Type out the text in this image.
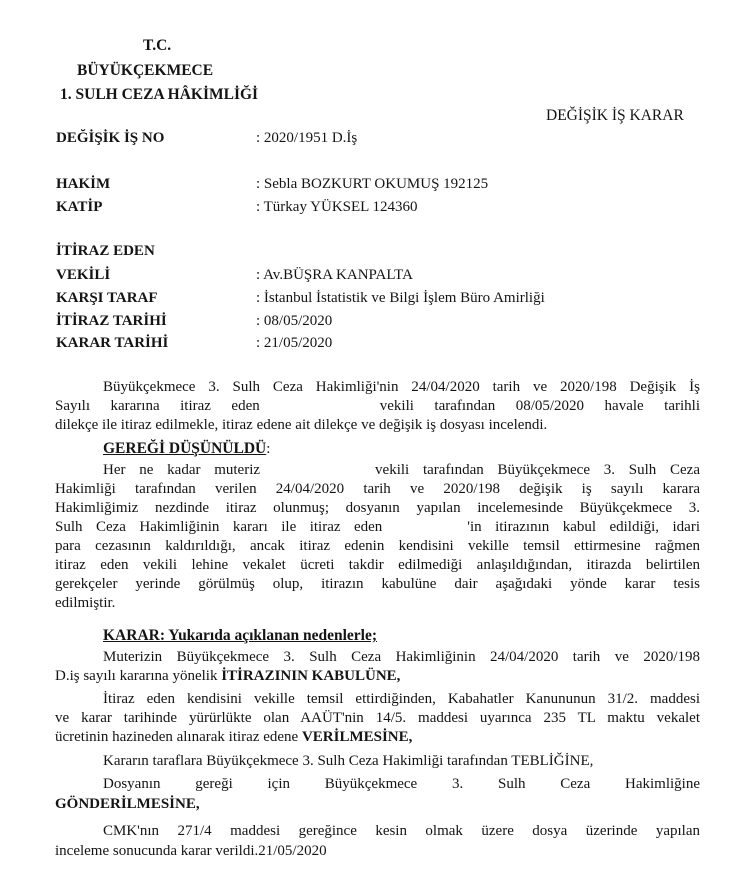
T.C.
BÜYÜKÇEKMECE
1. SULH CEZA HÂKİMLİĞİ
DEĞİŞİK İŞ KARAR
DEĞİŞİK İŞ NO	: 2020/1951 D.İş
HAKİM	: Sebla BOZKURT OKUMUŞ 192125
KATİP	: Türkay YÜKSEL 124360
İTİRAZ EDEN
VEKİLİ	: Av.BÜŞRA KANPALTA
KARŞI TARAF	: İstanbul İstatistik ve Bilgi İşlem Büro Amirliği
İTİRAZ TARİHİ	: 08/05/2020
KARAR TARİHİ	: 21/05/2020
Büyükçekmece 3. Sulh Ceza Hakimliği'nin 24/04/2020 tarih ve 2020/198 Değişik İş
Sayılı kararına itiraz eden	vekili tarafından 08/05/2020 havale tarihli
dilekçe ile itiraz edilmekle, itiraz edene ait dilekçe ve değişik iş dosyası incelendi.
GEREĞİ DÜŞÜNÜLDÜ:
Her ne kadar muteriz	vekili tarafından Büyükçekmece 3. Sulh Ceza
Hakimliği tarafından verilen 24/04/2020 tarih ve 2020/198 değişik iş sayılı karara
Hakimliğimiz nezdinde itiraz olunmuş; dosyanın yapılan incelemesinde Büyükçekmece 3.
Sulh Ceza Hakimliğinin kararı ile itiraz eden	'in itirazının kabul edildiği, idari
para cezasının kaldırıldığı, ancak itiraz edenin kendisini vekille temsil ettirmesine rağmen
itiraz eden vekili lehine vekalet ücreti takdir edilmediği anlaşıldığından, itirazda belirtilen
gerekçeler yerinde görülmüş olup, itirazın kabulüne dair aşağıdaki yönde karar tesis
edilmiştir.
KARAR: Yukarıda açıklanan nedenlerle;
Muterizin Büyükçekmece 3. Sulh Ceza Hakimliğinin 24/04/2020 tarih ve 2020/198
D.iş sayılı kararına yönelik İTİRAZININ KABULÜNE,
İtiraz eden kendisini vekille temsil ettirdiğinden, Kabahatler Kanununun 31/2. maddesi
ve karar tarihinde yürürlükte olan AAÜT'nin 14/5. maddesi uyarınca 235 TL maktu vekalet
ücretinin hazineden alınarak itiraz edene VERİLMESİNE,
Kararın taraflara Büyükçekmece 3. Sulh Ceza Hakimliği tarafından TEBLİĞİNE,
Dosyanın gereği için Büyükçekmece 3. Sulh Ceza Hakimliğine
GÖNDERİLMESİNE,
CMK'nın 271/4 maddesi gereğince kesin olmak üzere dosya üzerinde yapılan
inceleme sonucunda karar verildi.21/05/2020
